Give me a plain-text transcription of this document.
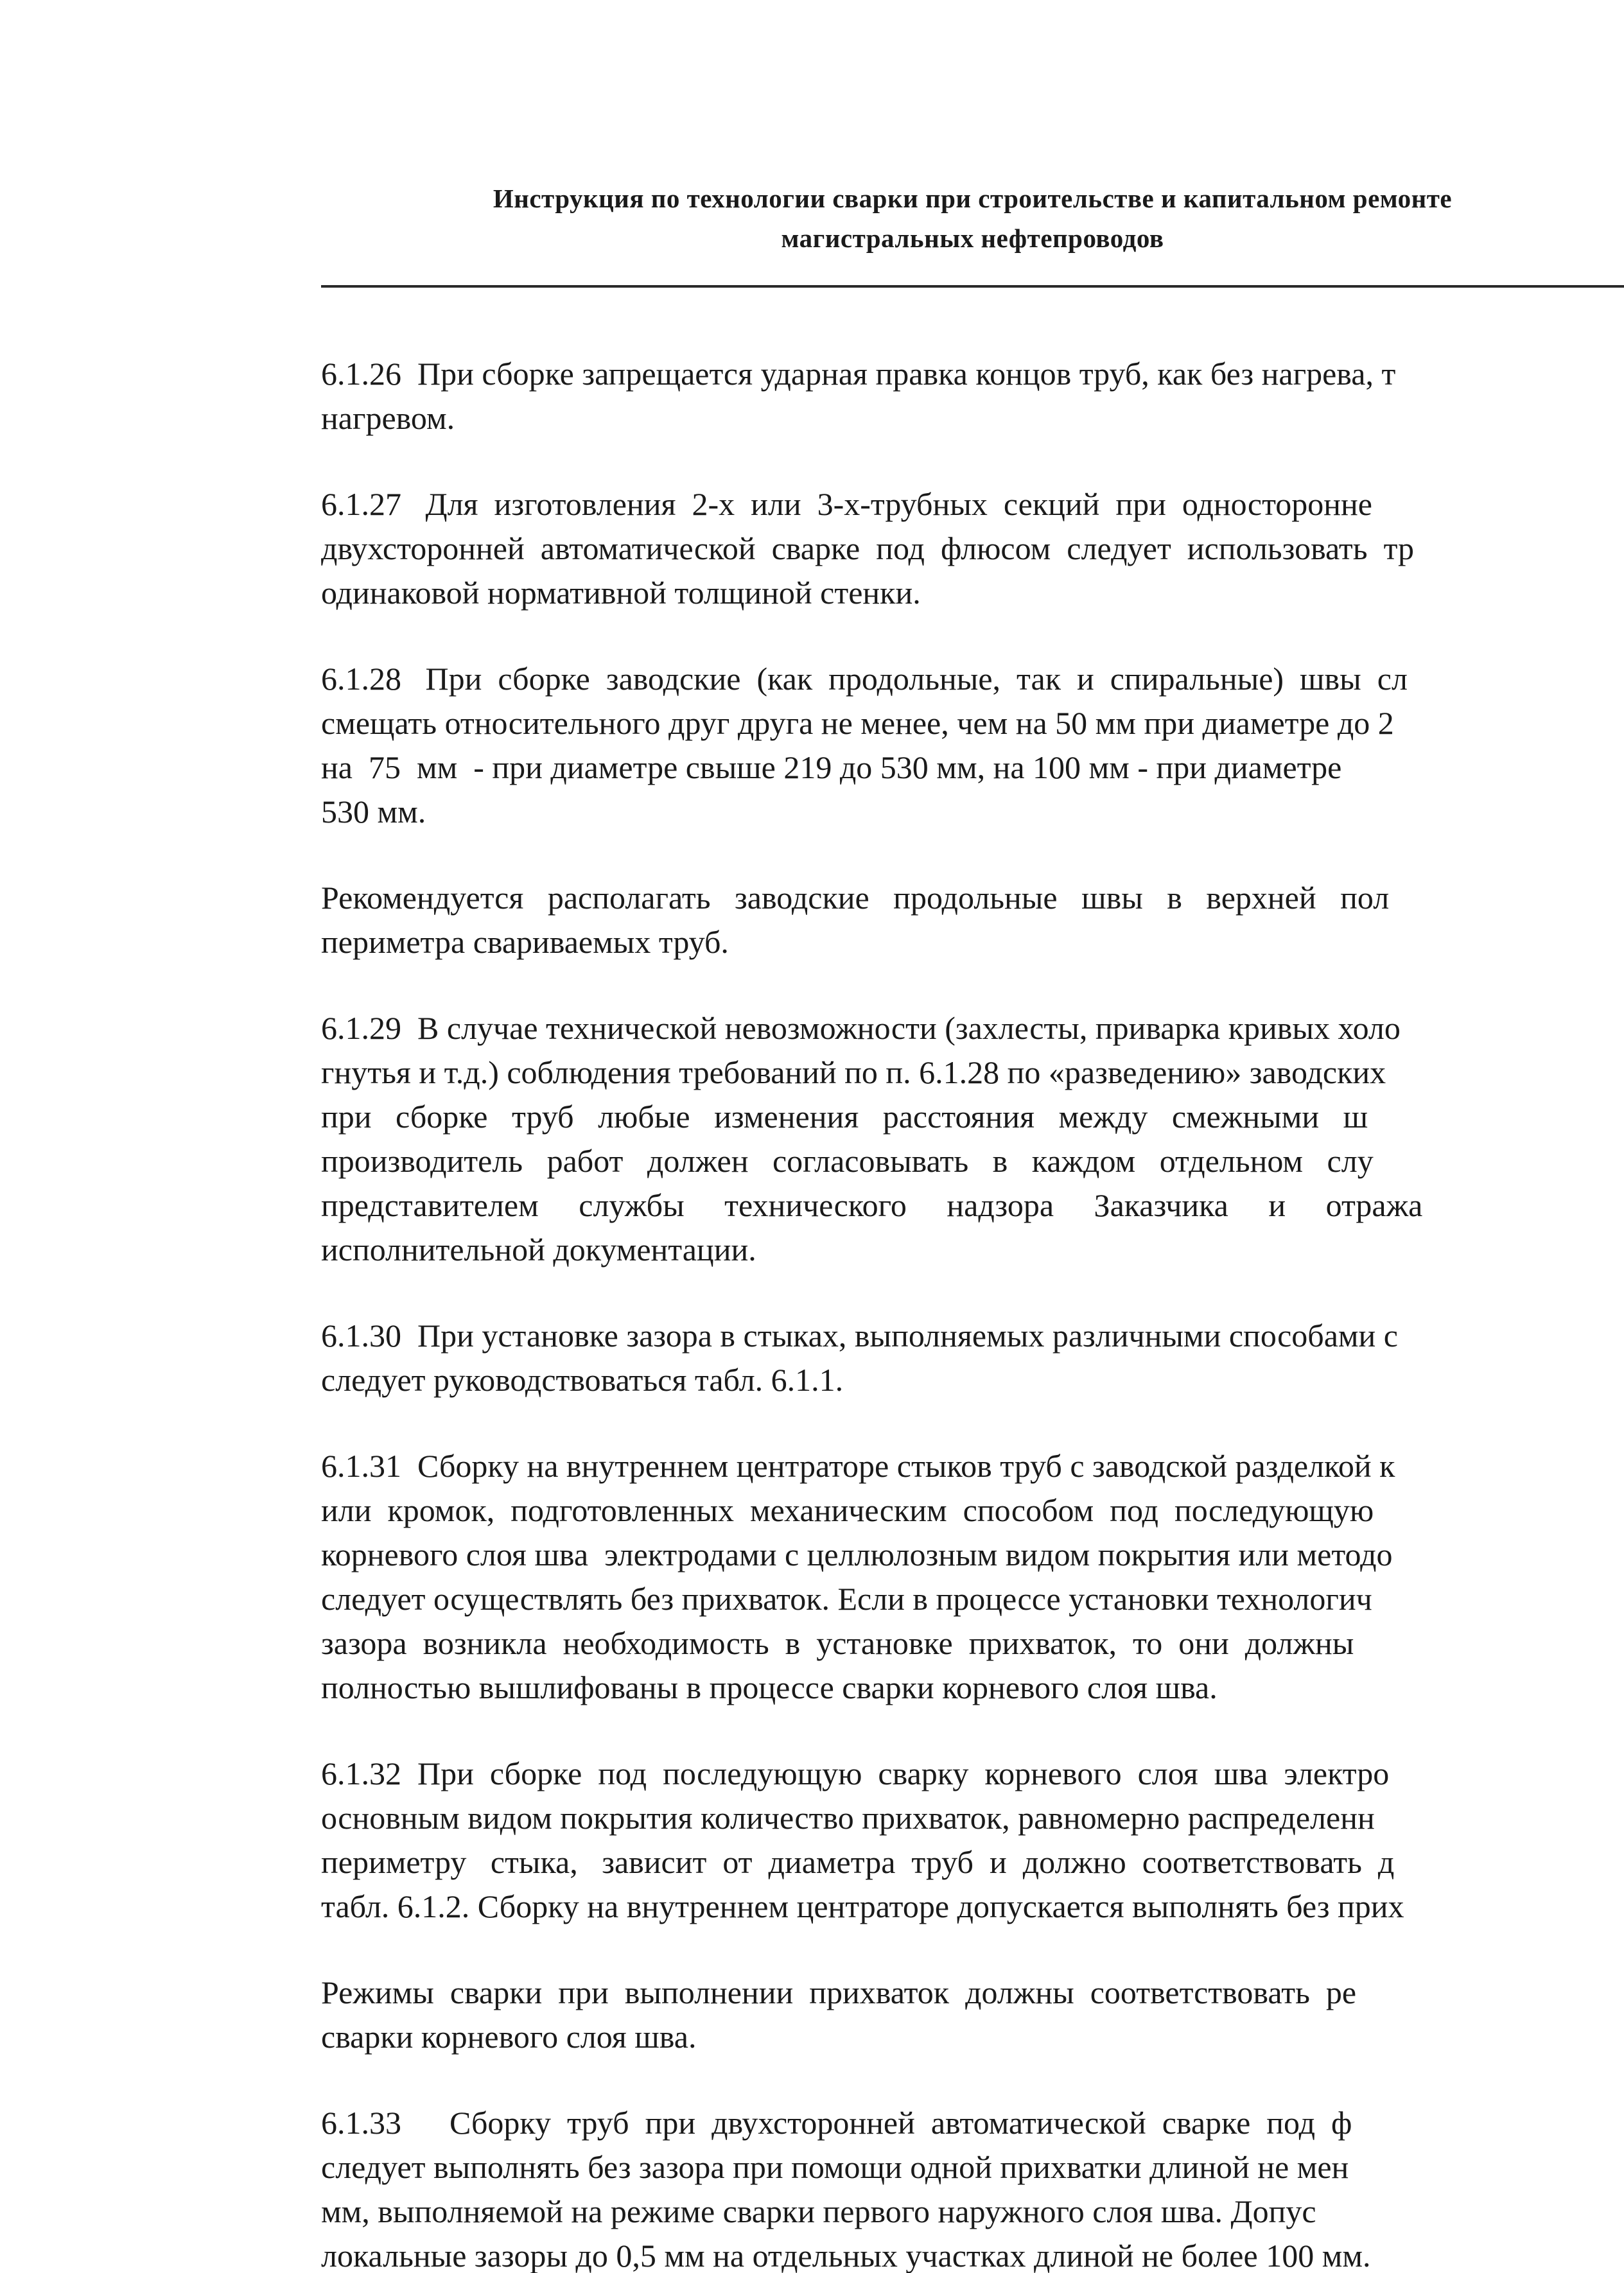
Инструкция по технологии сварки при строительстве и капитальном ремонте
магистральных нефтепроводов
6.1.26  При сборке запрещается ударная правка концов труб, как без нагрева, т
нагревом.
6.1.27   Для  изготовления  2-х  или  3-х-трубных  секций  при  односторонне
двухсторонней  автоматической  сварке  под  флюсом  следует  использовать  тр
одинаковой нормативной толщиной стенки.
6.1.28   При  сборке  заводские  (как  продольные,  так  и  спиральные)  швы  сл
смещать относительного друг друга не менее, чем на 50 мм при диаметре до 2
на  75  мм  - при диаметре свыше 219 до 530 мм, на 100 мм - при диаметре
530 мм.
Рекомендуется   располагать   заводские   продольные   швы   в   верхней   пол
периметра свариваемых труб.
6.1.29  В случае технической невозможности (захлесты, приварка кривых холо
гнутья и т.д.) соблюдения требований по п. 6.1.28 по «разведению» заводских
при   сборке   труб   любые   изменения   расстояния   между   смежными   ш
производитель   работ   должен   согласовывать   в   каждом   отдельном   слу
представителем     службы     технического     надзора     Заказчика     и     отража
исполнительной документации.
6.1.30  При установке зазора в стыках, выполняемых различными способами с
следует руководствоваться табл. 6.1.1.
6.1.31  Сборку на внутреннем центраторе стыков труб с заводской разделкой к
или  кромок,  подготовленных  механическим  способом  под  последующую
корневого слоя шва  электродами с целлюлозным видом покрытия или методо
следует осуществлять без прихваток. Если в процессе установки технологич
зазора  возникла  необходимость  в  установке  прихваток,  то  они  должны
полностью вышлифованы в процессе сварки корневого слоя шва.
6.1.32  При  сборке  под  последующую  сварку  корневого  слоя  шва  электро
основным видом покрытия количество прихваток, равномерно распределенн
периметру   стыка,   зависит  от  диаметра  труб  и  должно  соответствовать  д
табл. 6.1.2. Сборку на внутреннем центраторе допускается выполнять без прих
Режимы  сварки  при  выполнении  прихваток  должны  соответствовать  ре
сварки корневого слоя шва.
6.1.33      Сборку  труб  при  двухсторонней  автоматической  сварке  под  ф
следует выполнять без зазора при помощи одной прихватки длиной не мен
мм, выполняемой на режиме сварки первого наружного слоя шва. Допус
локальные зазоры до 0,5 мм на отдельных участках длиной не более 100 мм.
